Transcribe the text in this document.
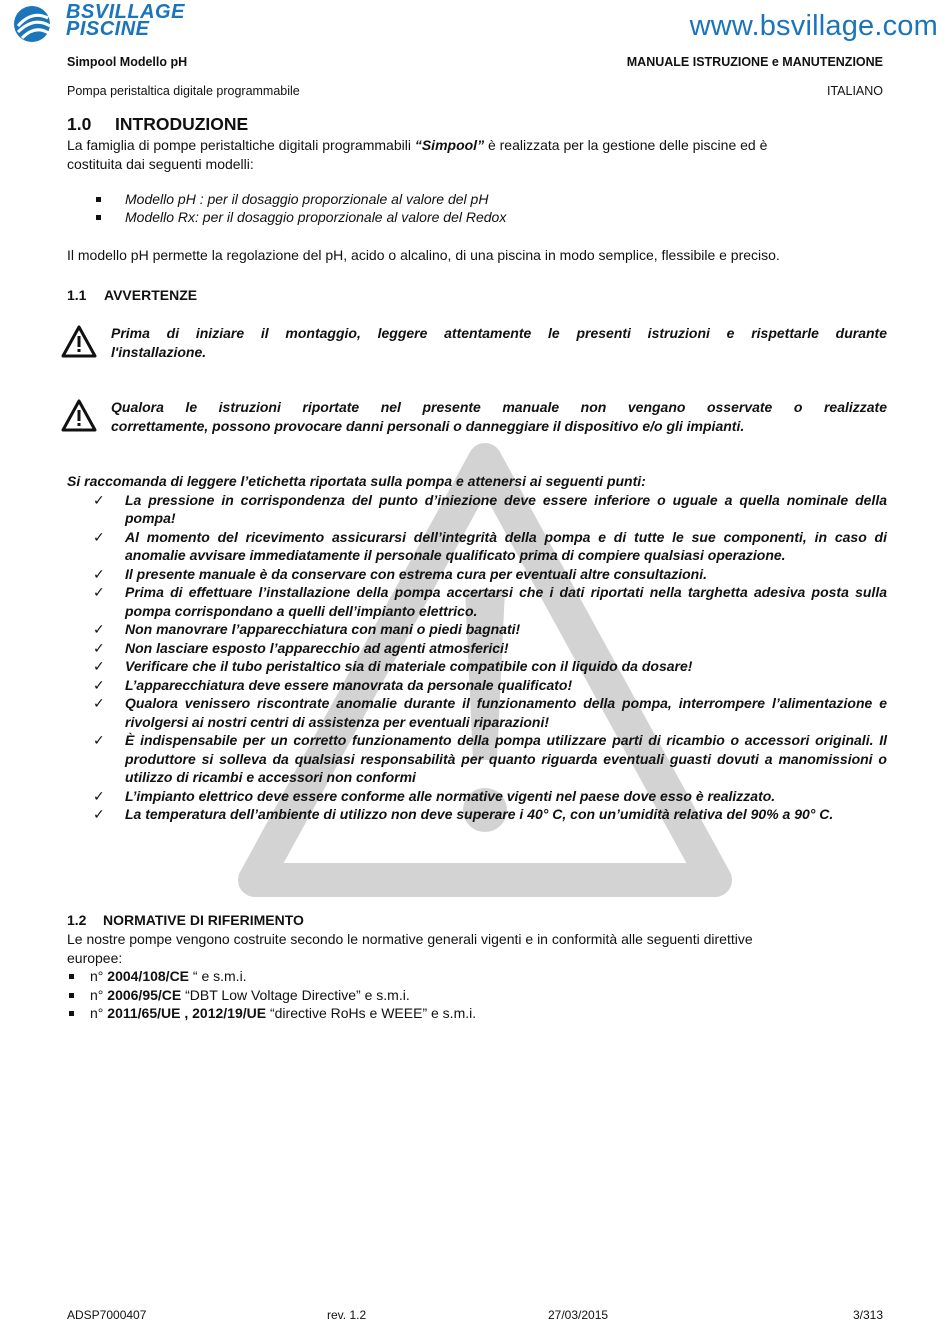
BSVILLAGE
PISCINE	www.bsvillage.com
Simpool Modello pH	MANUALE ISTRUZIONE e MANUTENZIONE
Pompa peristaltica digitale programmabile	ITALIANO
1.0 INTRODUZIONE
La famiglia di pompe peristaltiche digitali programmabili “Simpool” è realizzata per la gestione delle piscine ed è
costituita dai seguenti modelli:
Modello pH : per il dosaggio proporzionale al valore del pH
Modello Rx: per il dosaggio proporzionale al valore del Redox
Il modello pH permette la regolazione del pH, acido o alcalino, di una piscina in modo semplice, flessibile e preciso.
1.1 AVVERTENZE
Prima di iniziare il montaggio, leggere attentamente le presenti istruzioni e rispettarle durante
l'installazione.
Qualora le istruzioni riportate nel presente manuale non vengano osservate o realizzate
correttamente, possono provocare danni personali o danneggiare il dispositivo e/o gli impianti.
Si raccomanda di leggere l’etichetta riportata sulla pompa e attenersi ai seguenti punti:
✓ La pressione in corrispondenza del punto d’iniezione deve essere inferiore o uguale a quella nominale della pompa!
✓ Al momento del ricevimento assicurarsi dell’integrità della pompa e di tutte le sue componenti, in caso di anomalie avvisare immediatamente il personale qualificato prima di compiere qualsiasi operazione.
✓ Il presente manuale è da conservare con estrema cura per eventuali altre consultazioni.
✓ Prima di effettuare l’installazione della pompa accertarsi che i dati riportati nella targhetta adesiva posta sulla pompa corrispondano a quelli dell’impianto elettrico.
✓ Non manovrare l’apparecchiatura con mani o piedi bagnati!
✓ Non lasciare esposto l’apparecchio ad agenti atmosferici!
✓ Verificare che il tubo peristaltico sia di materiale compatibile con il liquido da dosare!
✓ L’apparecchiatura deve essere manovrata da personale qualificato!
✓ Qualora venissero riscontrate anomalie durante il funzionamento della pompa, interrompere l’alimentazione e rivolgersi ai nostri centri di assistenza per eventuali riparazioni!
✓ È indispensabile per un corretto funzionamento della pompa utilizzare parti di ricambio o accessori originali. Il produttore si solleva da qualsiasi responsabilità per quanto riguarda eventuali guasti dovuti a manomissioni o utilizzo di ricambi e accessori non conformi
✓ L’impianto elettrico deve essere conforme alle normative vigenti nel paese dove esso è realizzato.
✓ La temperatura dell’ambiente di utilizzo non deve superare i 40° C, con un’umidità relativa del 90% a 90° C.
1.2 NORMATIVE DI RIFERIMENTO
Le nostre pompe vengono costruite secondo le normative generali vigenti e in conformità alle seguenti direttive
europee:
n° 2004/108/CE “ e s.m.i.
n° 2006/95/CE “DBT Low Voltage Directive” e s.m.i.
n° 2011/65/UE , 2012/19/UE “directive RoHs e WEEE” e s.m.i.
ADSP7000407	rev. 1.2	27/03/2015	3/313
